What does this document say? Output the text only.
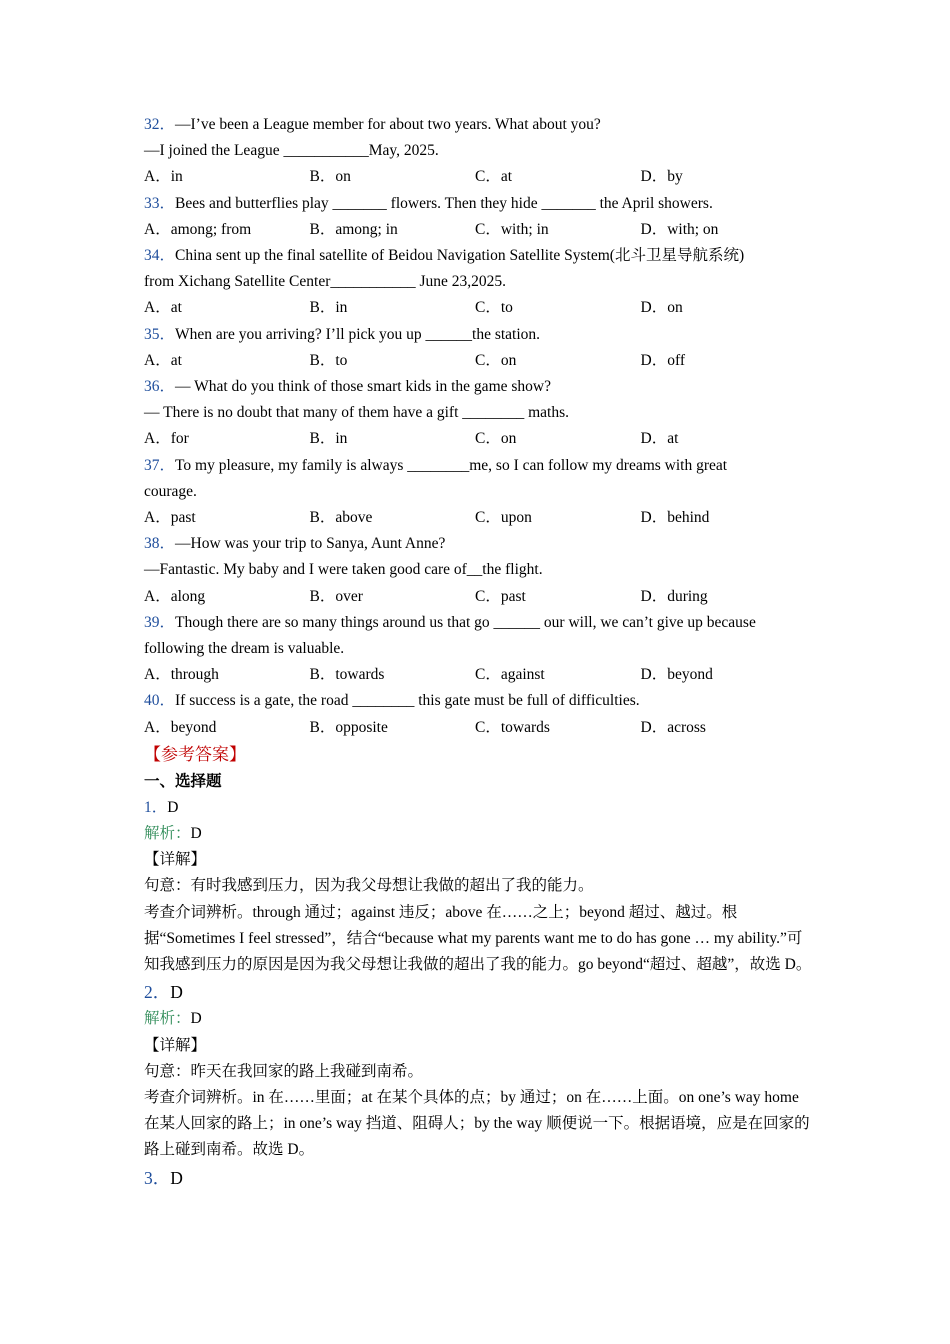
32．—I’ve been a League member for about two years. What about you?
—I joined the League ___________May, 2025.
A．in	B．on	C．at	D．by
33．Bees and butterflies play _______ flowers. Then they hide _______ the April showers.
A．among; from	B．among; in	C．with; in	D．with; on
34．China sent up the final satellite of Beidou Navigation Satellite System(北斗卫星导航系统)
from Xichang Satellite Center___________ June 23,2025.
A．at	B．in	C．to	D．on
35．When are you arriving? I’ll pick you up ______the station.
A．at	B．to	C．on	D．off
36．— What do you think of those smart kids in the game show?
— There is no doubt that many of them have a gift ________ maths.
A．for	B．in	C．on	D．at
37．To my pleasure, my family is always ________me, so I can follow my dreams with great
courage.
A．past	B．above	C．upon	D．behind
38．—How was your trip to Sanya, Aunt Anne?
—Fantastic. My baby and I were taken good care of__the flight.
A．along	B．over	C．past	D．during
39．Though there are so many things around us that go ______ our will, we can’t give up because
following the dream is valuable.
A．through	B．towards	C．against	D．beyond
40．If success is a gate, the road ________ this gate must be full of difficulties.
A．beyond	B．opposite	C．towards	D．across
【参考答案】
一、选择题
1．D
解析：D
【详解】
句意：有时我感到压力，因为我父母想让我做的超出了我的能力。
考查介词辨析。through 通过；against 违反；above 在……之上；beyond 超过、越过。根据“Sometimes I feel stressed”，结合“because what my parents want me to do has gone … my ability.”可知我感到压力的原因是因为我父母想让我做的超出了我的能力。go beyond“超过、超越”，故选 D。
2．D
解析：D
【详解】
句意：昨天在我回家的路上我碰到南希。
考查介词辨析。in 在……里面；at 在某个具体的点；by 通过；on 在……上面。on one’s way home 在某人回家的路上；in one’s way 挡道、阻碍人；by the way 顺便说一下。根据语境，应是在回家的路上碰到南希。故选 D。
3．D
